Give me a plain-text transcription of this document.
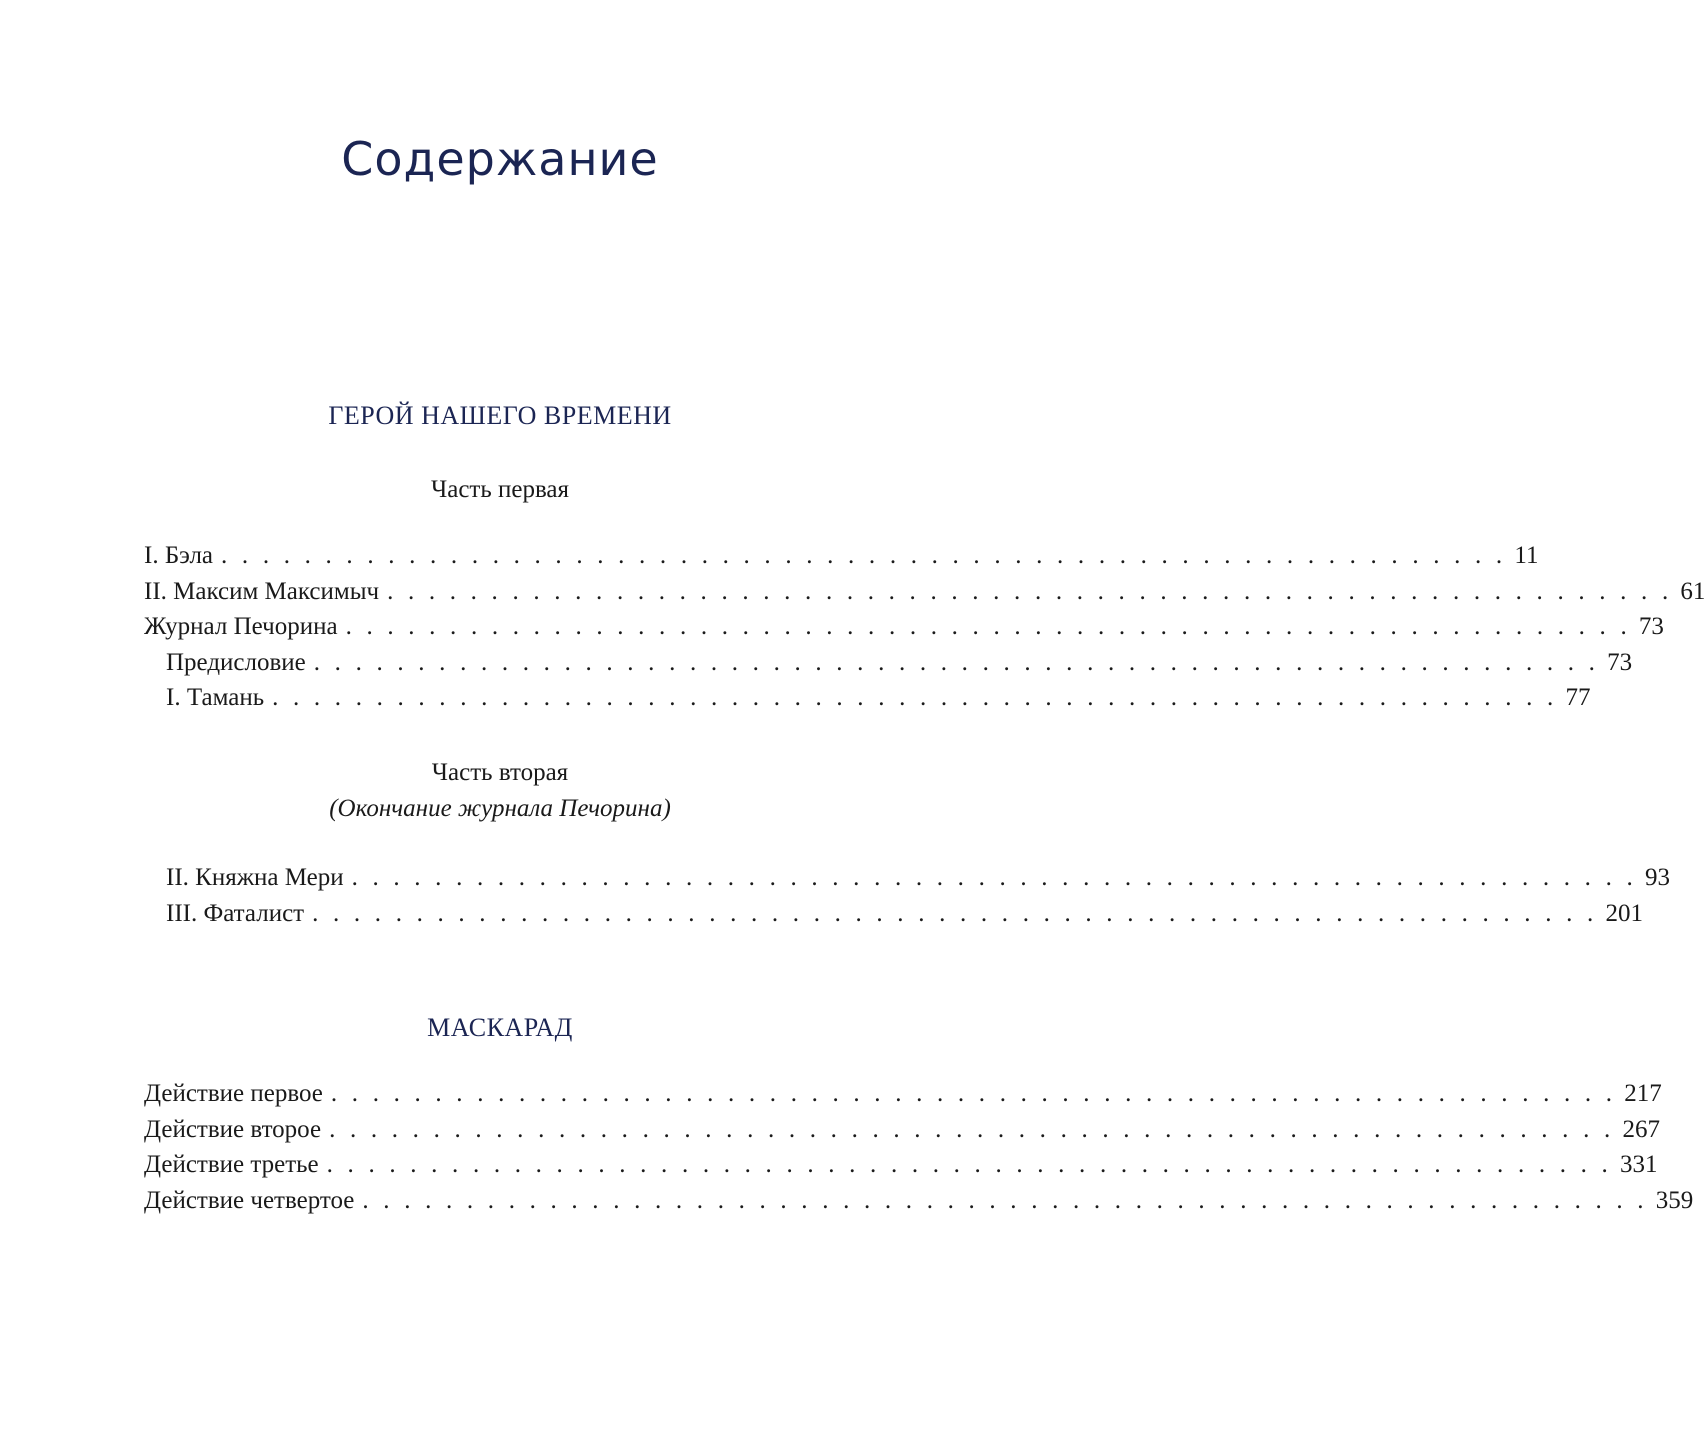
Содержание
ГЕРОЙ НАШЕГО ВРЕМЕНИ
Часть первая
I. Бэла . . . . . . . . . . . . . . . . . . . . . . . . . . . . . . . . . . . . . . . . . . . . . . . . . . . . . . . . . . . . . . 11
II. Максим Максимыч . . . . . . . . . . . . . . . . . . . . . . . . . . . . . . . . . . . . . . . . . . . . . . . . . . . . . . . . . . . . . . 61
Журнал Печорина . . . . . . . . . . . . . . . . . . . . . . . . . . . . . . . . . . . . . . . . . . . . . . . . . . . . . . . . . . . . . . 73
Предисловие . . . . . . . . . . . . . . . . . . . . . . . . . . . . . . . . . . . . . . . . . . . . . . . . . . . . . . . . . . . . . . 73
I. Тамань . . . . . . . . . . . . . . . . . . . . . . . . . . . . . . . . . . . . . . . . . . . . . . . . . . . . . . . . . . . . . . 77
Часть вторая
(Окончание журнала Печорина)
II. Княжна Мери . . . . . . . . . . . . . . . . . . . . . . . . . . . . . . . . . . . . . . . . . . . . . . . . . . . . . . . . . . . . . . 93
III. Фаталист . . . . . . . . . . . . . . . . . . . . . . . . . . . . . . . . . . . . . . . . . . . . . . . . . . . . . . . . . . . . . . 201
МАСКАРАД
Действие первое . . . . . . . . . . . . . . . . . . . . . . . . . . . . . . . . . . . . . . . . . . . . . . . . . . . . . . . . . . . . . . 217
Действие второе . . . . . . . . . . . . . . . . . . . . . . . . . . . . . . . . . . . . . . . . . . . . . . . . . . . . . . . . . . . . . . 267
Действие третье . . . . . . . . . . . . . . . . . . . . . . . . . . . . . . . . . . . . . . . . . . . . . . . . . . . . . . . . . . . . . . 331
Действие четвертое . . . . . . . . . . . . . . . . . . . . . . . . . . . . . . . . . . . . . . . . . . . . . . . . . . . . . . . . . . . . . . 359
